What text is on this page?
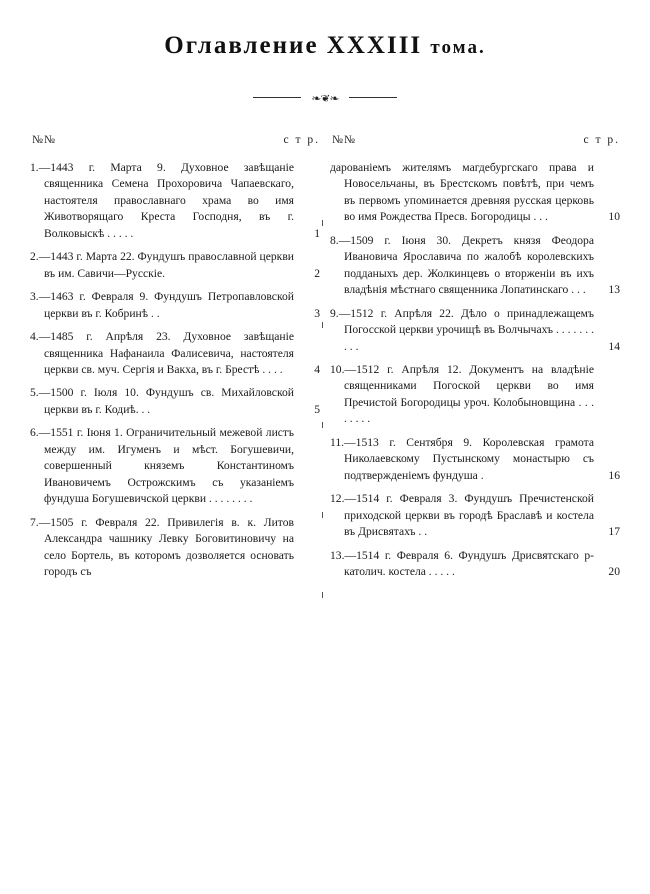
Оглавление XXXIII тома.
❧❦❧
№№	с т р.
1.—1443 г. Марта 9. Духовное завѣщаніе священника Семена Прохоровича Чапаевскаго, настоятеля православнаго храма во имя Животворящаго Креста Господня, въ г. Волковыскѣ . . . . .	1
2.—1443 г. Марта 22. Фундушъ православной церкви въ им. Савичи—Русскіе.	2
3.—1463 г. Февраля 9. Фундушъ Петропавловской церкви въ г. Кобринѣ . .	3
4.—1485 г. Апрѣля 23. Духовное завѣщаніе священника Нафанаила Фалисевича, настоятеля церкви св. муч. Сергія и Вакха, въ г. Брестѣ . . . .	4
5.—1500 г. Іюля 10. Фундушъ св. Михайловской церкви въ г. Кодиѣ. . .	5
6.—1551 г. Іюня 1. Ограничительный межевой листъ между им. Игуменъ и мѣст. Богушевичи, совершенный княземъ Константиномъ Ивановичемъ Острожскимъ съ указаніемъ фундуша Богушевичской церкви . . . . . . . .
7.—1505 г. Февраля 22. Привилегія в. к. Литов Александра чашнику Левку Боговитиновичу на село Бортель, въ которомъ дозволяется основать городъ съ
№№	с т р.
дарованіемъ жителямъ магдебургскаго права и Новосельчаны, въ Брестскомъ повѣтѣ, при чемъ въ первомъ упоминается древняя русская церковь во имя Рождества Пресв. Богородицы . . .	10
8.—1509 г. Іюня 30. Декретъ князя Феодора Ивановича Ярославича по жалобѣ королевскихъ подданыхъ дер. Жолкинцевъ о вторженіи въ ихъ владѣнія мѣстнаго священника Лопатинскаго . . .	13
9.—1512 г. Апрѣля 22. Дѣло о принадлежащемъ Погосской церкви урочищѣ въ Волчычахъ . . . . . . . . . .	14
10.—1512 г. Апрѣля 12. Документъ на владѣніе священниками Погоской церкви во имя Пречистой Богородицы уроч. Колобыновщина . . . . . . . .
11.—1513 г. Сентября 9. Королевская грамота Николаевскому Пустынскому монастырю съ подтвержденіемъ фундуша .	16
12.—1514 г. Февраля 3. Фундушъ Пречистенской приходской церкви въ городѣ Браславѣ и костела въ Дрисвятахъ . .	17
13.—1514 г. Февраля 6. Фундушъ Дрисвятскаго р-католич. костела . . . . .	20
